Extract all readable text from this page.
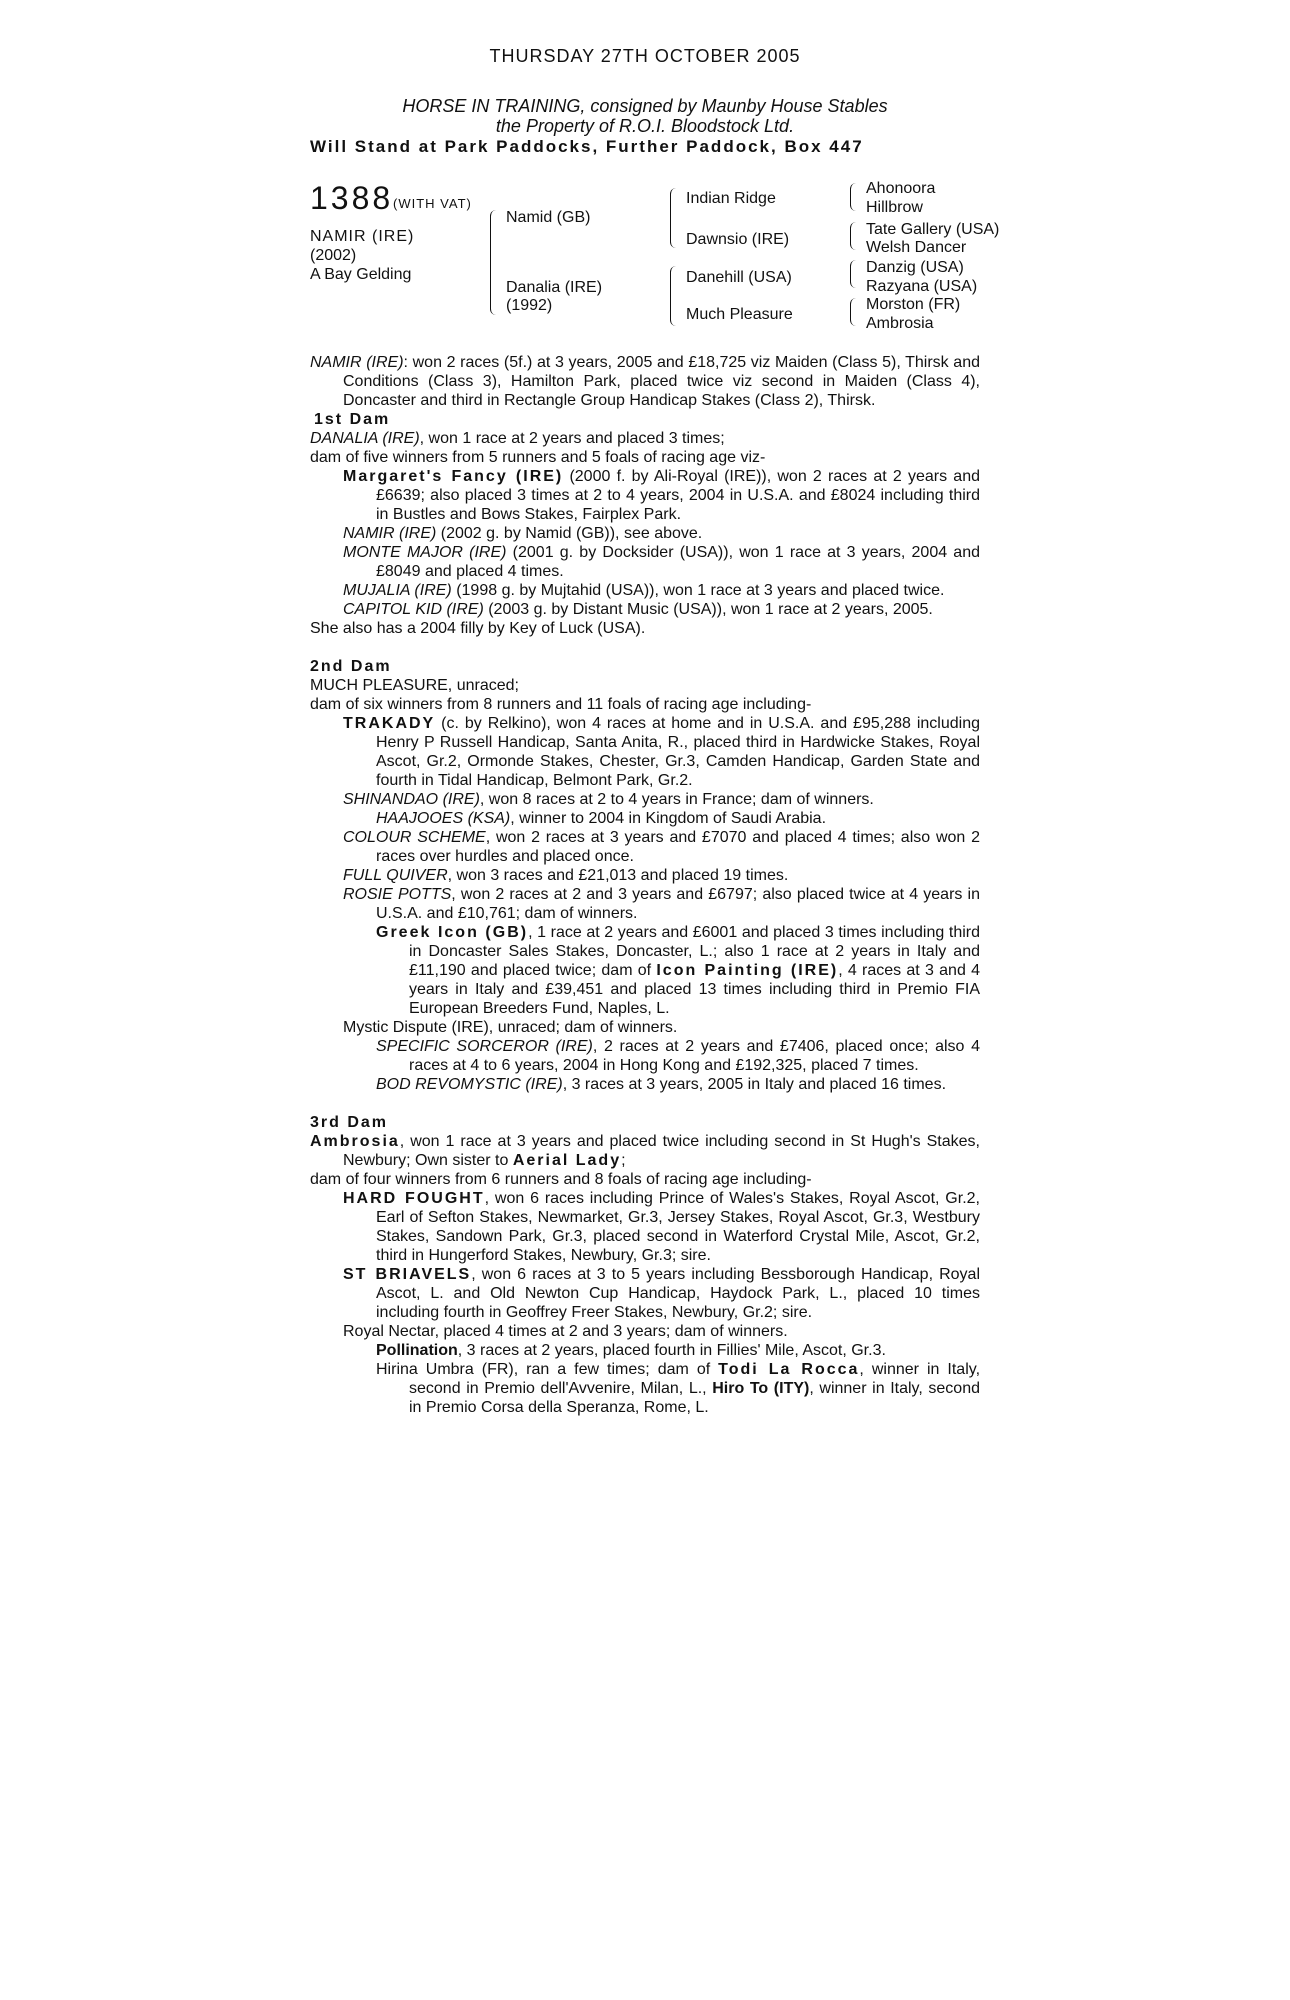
THURSDAY 27TH OCTOBER 2005
HORSE IN TRAINING, consigned by Maunby House Stables
the Property of R.O.I. Bloodstock Ltd.
Will Stand at Park Paddocks, Further Paddock, Box 447
1388 (WITH VAT)
NAMIR (IRE)
(2002)
A Bay Gelding
Namid (GB)
Danalia (IRE)
(1992)
Indian Ridge
Dawnsio (IRE)
Danehill (USA)
Much Pleasure
Ahonoora
Hillbrow
Tate Gallery (USA)
Welsh Dancer
Danzig (USA)
Razyana (USA)
Morston (FR)
Ambrosia
NAMIR (IRE): won 2 races (5f.) at 3 years, 2005 and £18,725 viz Maiden (Class 5), Thirsk and Conditions (Class 3), Hamilton Park, placed twice viz second in Maiden (Class 4), Doncaster and third in Rectangle Group Handicap Stakes (Class 2), Thirsk.
1st Dam
DANALIA (IRE), won 1 race at 2 years and placed 3 times;
dam of five winners from 5 runners and 5 foals of racing age viz-
Margaret's Fancy (IRE) (2000 f. by Ali-Royal (IRE)), won 2 races at 2 years and £6639; also placed 3 times at 2 to 4 years, 2004 in U.S.A. and £8024 including third in Bustles and Bows Stakes, Fairplex Park.
NAMIR (IRE) (2002 g. by Namid (GB)), see above.
MONTE MAJOR (IRE) (2001 g. by Docksider (USA)), won 1 race at 3 years, 2004 and £8049 and placed 4 times.
MUJALIA (IRE) (1998 g. by Mujtahid (USA)), won 1 race at 3 years and placed twice.
CAPITOL KID (IRE) (2003 g. by Distant Music (USA)), won 1 race at 2 years, 2005.
She also has a 2004 filly by Key of Luck (USA).
2nd Dam
MUCH PLEASURE, unraced;
dam of six winners from 8 runners and 11 foals of racing age including-
TRAKADY (c. by Relkino), won 4 races at home and in U.S.A. and £95,288 including Henry P Russell Handicap, Santa Anita, R., placed third in Hardwicke Stakes, Royal Ascot, Gr.2, Ormonde Stakes, Chester, Gr.3, Camden Handicap, Garden State and fourth in Tidal Handicap, Belmont Park, Gr.2.
SHINANDAO (IRE), won 8 races at 2 to 4 years in France; dam of winners.
HAAJOOES (KSA), winner to 2004 in Kingdom of Saudi Arabia.
COLOUR SCHEME, won 2 races at 3 years and £7070 and placed 4 times; also won 2 races over hurdles and placed once.
FULL QUIVER, won 3 races and £21,013 and placed 19 times.
ROSIE POTTS, won 2 races at 2 and 3 years and £6797; also placed twice at 4 years in U.S.A. and £10,761; dam of winners.
Greek Icon (GB), 1 race at 2 years and £6001 and placed 3 times including third in Doncaster Sales Stakes, Doncaster, L.; also 1 race at 2 years in Italy and £11,190 and placed twice; dam of Icon Painting (IRE), 4 races at 3 and 4 years in Italy and £39,451 and placed 13 times including third in Premio FIA European Breeders Fund, Naples, L.
Mystic Dispute (IRE), unraced; dam of winners.
SPECIFIC SORCEROR (IRE), 2 races at 2 years and £7406, placed once; also 4 races at 4 to 6 years, 2004 in Hong Kong and £192,325, placed 7 times.
BOD REVOMYSTIC (IRE), 3 races at 3 years, 2005 in Italy and placed 16 times.
3rd Dam
Ambrosia, won 1 race at 3 years and placed twice including second in St Hugh's Stakes, Newbury; Own sister to Aerial Lady;
dam of four winners from 6 runners and 8 foals of racing age including-
HARD FOUGHT, won 6 races including Prince of Wales's Stakes, Royal Ascot, Gr.2, Earl of Sefton Stakes, Newmarket, Gr.3, Jersey Stakes, Royal Ascot, Gr.3, Westbury Stakes, Sandown Park, Gr.3, placed second in Waterford Crystal Mile, Ascot, Gr.2, third in Hungerford Stakes, Newbury, Gr.3; sire.
ST BRIAVELS, won 6 races at 3 to 5 years including Bessborough Handicap, Royal Ascot, L. and Old Newton Cup Handicap, Haydock Park, L., placed 10 times including fourth in Geoffrey Freer Stakes, Newbury, Gr.2; sire.
Royal Nectar, placed 4 times at 2 and 3 years; dam of winners.
Pollination, 3 races at 2 years, placed fourth in Fillies' Mile, Ascot, Gr.3.
Hirina Umbra (FR), ran a few times; dam of Todi La Rocca, winner in Italy, second in Premio dell'Avvenire, Milan, L., Hiro To (ITY), winner in Italy, second in Premio Corsa della Speranza, Rome, L.
